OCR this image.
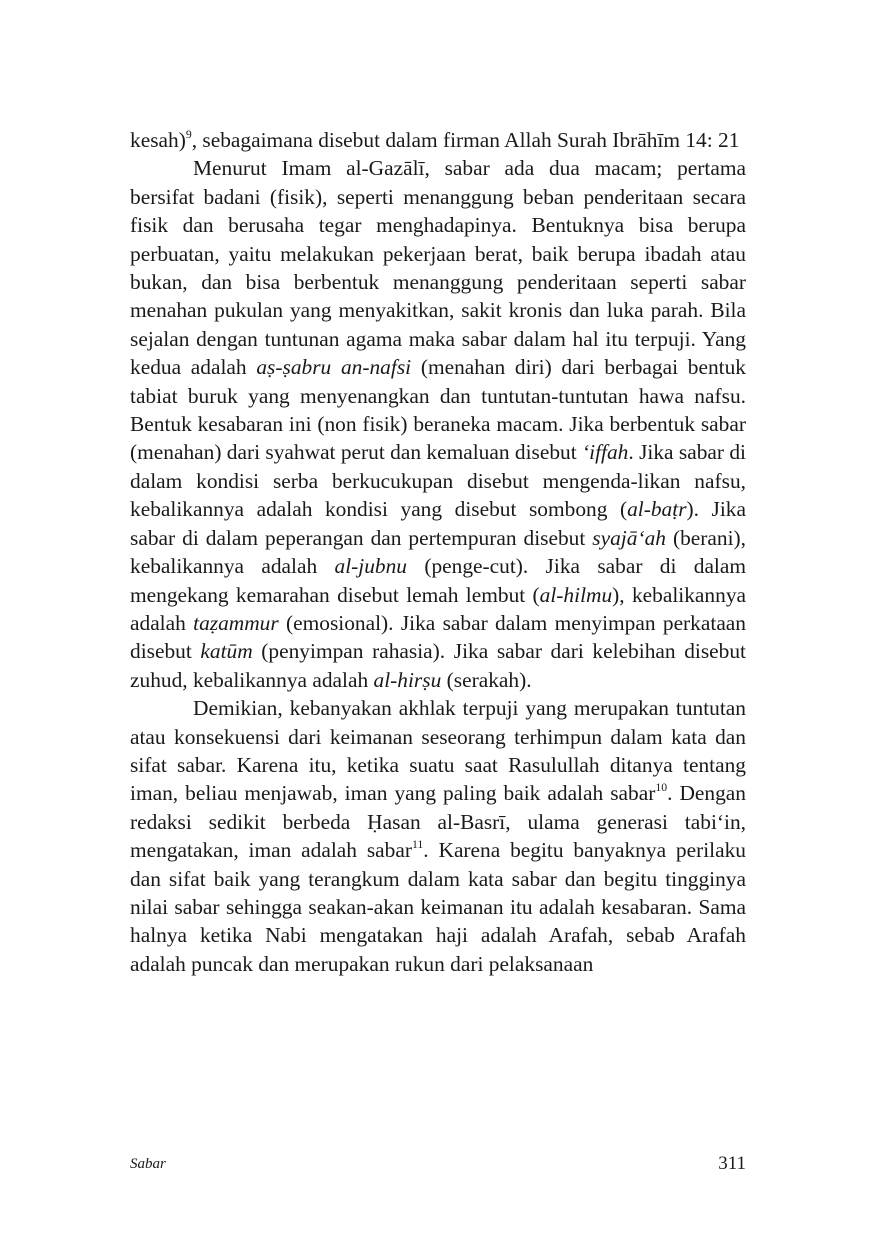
kesah)$^9$, sebagaimana disebut dalam firman Allah Surah Ibrāhīm 14: 21

Menurut Imam al-Gazālī, sabar ada dua macam; pertama bersifat badani (fisik), seperti menanggung beban penderitaan secara fisik dan berusaha tegar menghadapinya. Bentuknya bisa berupa perbuatan, yaitu melakukan pekerjaan berat, baik berupa ibadah atau bukan, dan bisa berbentuk menanggung penderitaan seperti sabar menahan pukulan yang menyakitkan, sakit kronis dan luka parah. Bila sejalan dengan tuntunan agama maka sabar dalam hal itu terpuji. Yang kedua adalah aṣ-ṣabru an-nafsi (menahan diri) dari berbagai bentuk tabiat buruk yang menyenangkan dan tuntutan-tuntutan hawa nafsu. Bentuk kesabaran ini (non fisik) beraneka macam. Jika berbentuk sabar (menahan) dari syahwat perut dan kemaluan disebut ‘iffah. Jika sabar di dalam kondisi serba berkucukupan disebut mengenda-likan nafsu, kebalikannya adalah kondisi yang disebut sombong (al-baṭr). Jika sabar di dalam peperangan dan pertempuran disebut syajā‘ah (berani), kebalikannya adalah al-jubnu (penge-cut). Jika sabar di dalam mengekang kemarahan disebut lemah lembut (al-hilmu), kebalikannya adalah taẓammur (emosional). Jika sabar dalam menyimpan perkataan disebut katūm (penyimpan rahasia). Jika sabar dari kelebihan disebut zuhud, kebalikannya adalah al-hirṣu (serakah).

Demikian, kebanyakan akhlak terpuji yang merupakan tuntutan atau konsekuensi dari keimanan seseorang terhimpun dalam kata dan sifat sabar. Karena itu, ketika suatu saat Rasulullah ditanya tentang iman, beliau menjawab, iman yang paling baik adalah sabar$^{10}$. Dengan redaksi sedikit berbeda Ḥasan al-Basrī, ulama generasi tabi‘in, mengatakan, iman adalah sabar$^{11}$. Karena begitu banyaknya perilaku dan sifat baik yang terangkum dalam kata sabar dan begitu tingginya nilai sabar sehingga seakan-akan keimanan itu adalah kesabaran. Sama halnya ketika Nabi mengatakan haji adalah Arafah, sebab Arafah adalah puncak dan merupakan rukun dari pelaksanaan

Sabar	311
